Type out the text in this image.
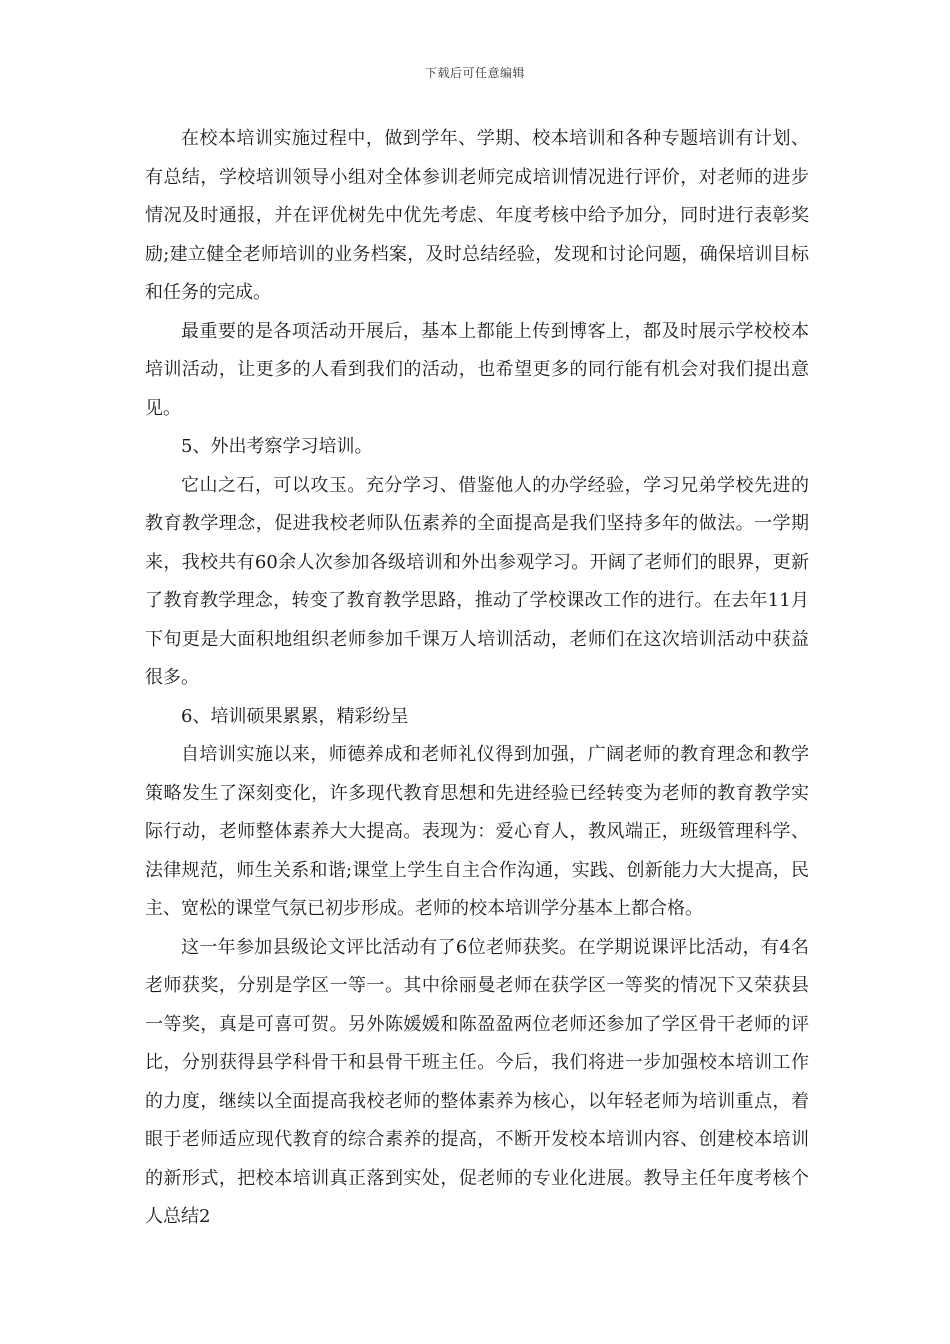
下载后可任意编辑

在校本培训实施过程中，做到学年、学期、校本培训和各种专题培训有计划、有总结，学校培训领导小组对全体参训老师完成培训情况进行评价，对老师的进步情况及时通报，并在评优树先中优先考虑、年度考核中给予加分，同时进行表彰奖励;建立健全老师培训的业务档案，及时总结经验，发现和讨论问题，确保培训目标和任务的完成。

最重要的是各项活动开展后，基本上都能上传到博客上，都及时展示学校校本培训活动，让更多的人看到我们的活动，也希望更多的同行能有机会对我们提出意见。

5、外出考察学习培训。

它山之石，可以攻玉。充分学习、借鉴他人的办学经验，学习兄弟学校先进的教育教学理念，促进我校老师队伍素养的全面提高是我们坚持多年的做法。一学期来，我校共有60余人次参加各级培训和外出参观学习。开阔了老师们的眼界，更新了教育教学理念，转变了教育教学思路，推动了学校课改工作的进行。在去年11月下旬更是大面积地组织老师参加千课万人培训活动，老师们在这次培训活动中获益很多。

6、培训硕果累累，精彩纷呈

自培训实施以来，师德养成和老师礼仪得到加强，广阔老师的教育理念和教学策略发生了深刻变化，许多现代教育思想和先进经验已经转变为老师的教育教学实际行动，老师整体素养大大提高。表现为：爱心育人，教风端正，班级管理科学、法律规范，师生关系和谐;课堂上学生自主合作沟通，实践、创新能力大大提高，民主、宽松的课堂气氛已初步形成。老师的校本培训学分基本上都合格。

这一年参加县级论文评比活动有了6位老师获奖。在学期说课评比活动，有4名老师获奖，分别是学区一等一。其中徐丽曼老师在获学区一等奖的情况下又荣获县一等奖，真是可喜可贺。另外陈媛媛和陈盈盈两位老师还参加了学区骨干老师的评比，分别获得县学科骨干和县骨干班主任。今后，我们将进一步加强校本培训工作的力度，继续以全面提高我校老师的整体素养为核心，以年轻老师为培训重点，着眼于老师适应现代教育的综合素养的提高，不断开发校本培训内容、创建校本培训的新形式，把校本培训真正落到实处，促老师的专业化进展。教导主任年度考核个人总结2
